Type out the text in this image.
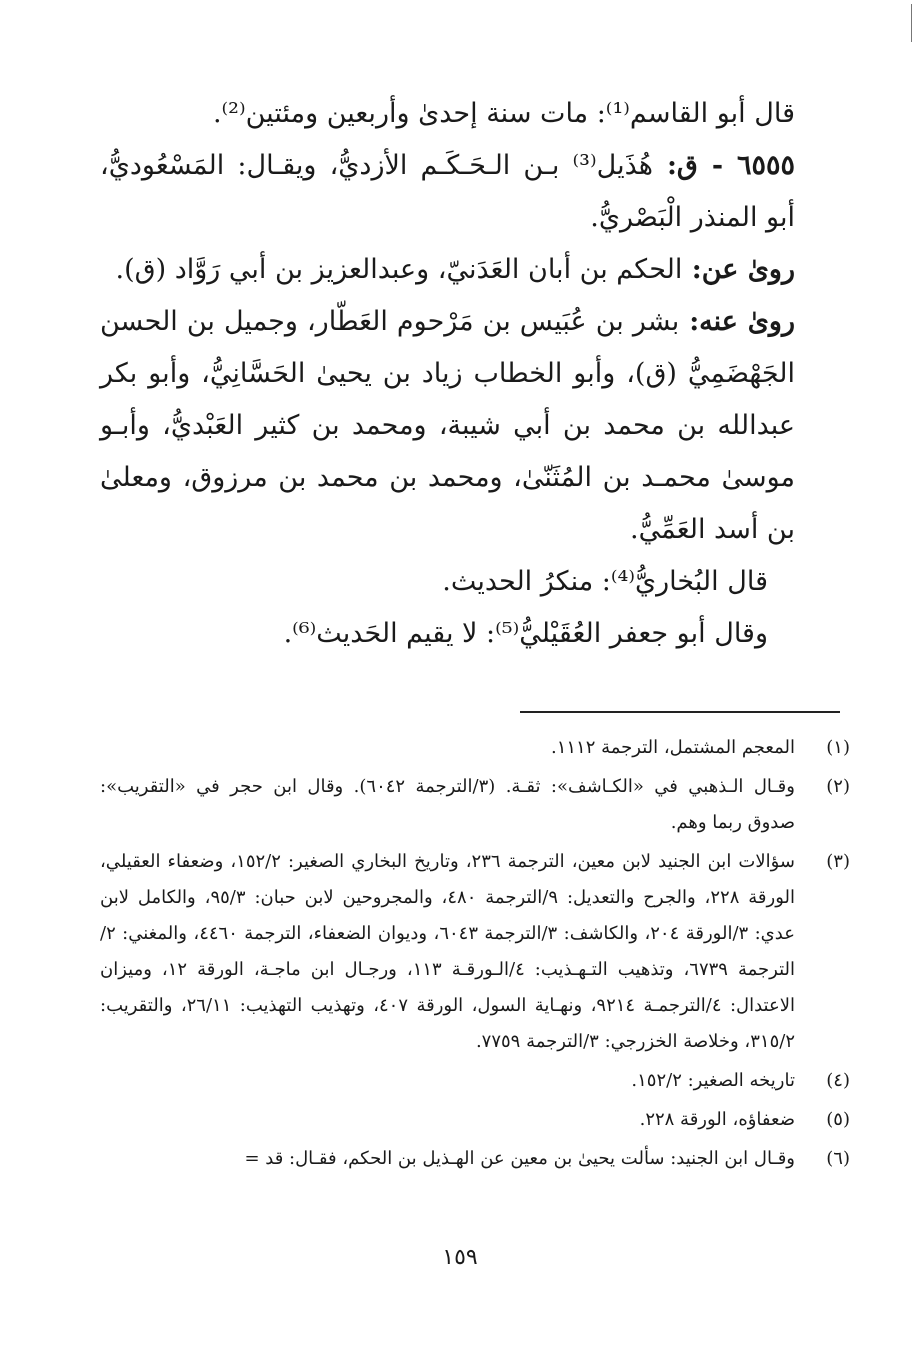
قال أبو القاسم⁽¹⁾: مات سنة إحدىٰ وأربعين ومئتين⁽²⁾.

٦٥٥٥ - ق: هُذَيل⁽³⁾ بـن الـحَـكَـم الأزديُّ، ويقـال: المَسْعُوديُّ، أبو المنذر الْبَصْريُّ.

روىٰ عن: الحكم بن أبان العَدَنيّ، وعبدالعزيز بن أبي رَوَّاد (ق).

روىٰ عنه: بشر بن عُبَيس بن مَرْحوم العَطّار، وجميل بن الحسن الجَهْضَمِيُّ (ق)، وأبو الخطاب زياد بن يحيىٰ الحَسَّانِيُّ، وأبو بكر عبدالله بن محمد بن أبي شيبة، ومحمد بن كثير العَبْديُّ، وأبـو موسىٰ محمـد بن المُثَنّىٰ، ومحمد بن محمد بن مرزوق، ومعلىٰ بن أسد العَمِّيُّ.

قال البُخاريُّ⁽⁴⁾: منكرُ الحديث.

وقال أبو جعفر العُقَيْليُّ⁽⁵⁾: لا يقيم الحَديث⁽⁶⁾.

(١)
المعجم المشتمل، الترجمة ١١١٢.
(٢)
وقـال الـذهبي في «الكـاشف»: ثقـة. (٣/الترجمة ٦٠٤٢). وقال ابن حجر في «التقريب»: صدوق ربما وهم.
(٣)
سؤالات ابن الجنيد لابن معين، الترجمة ٢٣٦، وتاريخ البخاري الصغير: ١٥٢/٢، وضعفاء العقيلي، الورقة ٢٢٨، والجرح والتعديل: ٩/الترجمة ٤٨٠، والمجروحين لابن حبان: ٩٥/٣، والكامل لابن عدي: ٣/الورقة ٢٠٤، والكاشف: ٣/الترجمة ٦٠٤٣، وديوان الضعفاء، الترجمة ٤٤٦٠، والمغني: ٢/الترجمة ٦٧٣٩، وتذهيب التـهـذيب: ٤/الـورقـة ١١٣، ورجـال ابن ماجـة، الورقة ١٢، وميزان الاعتدال: ٤/الترجمـة ٩٢١٤، ونهـاية السول، الورقة ٤٠٧، وتهذيب التهذيب: ٢٦/١١، والتقريب: ٣١٥/٢، وخلاصة الخزرجي: ٣/الترجمة ٧٧٥٩.
(٤)
تاريخه الصغير: ١٥٢/٢.
(٥)
ضعفاؤه، الورقة ٢٢٨.
(٦)
وقـال ابن الجنيد: سألت يحيىٰ بن معين عن الهـذيل بن الحكم، فقـال: قد =
١٥٩
